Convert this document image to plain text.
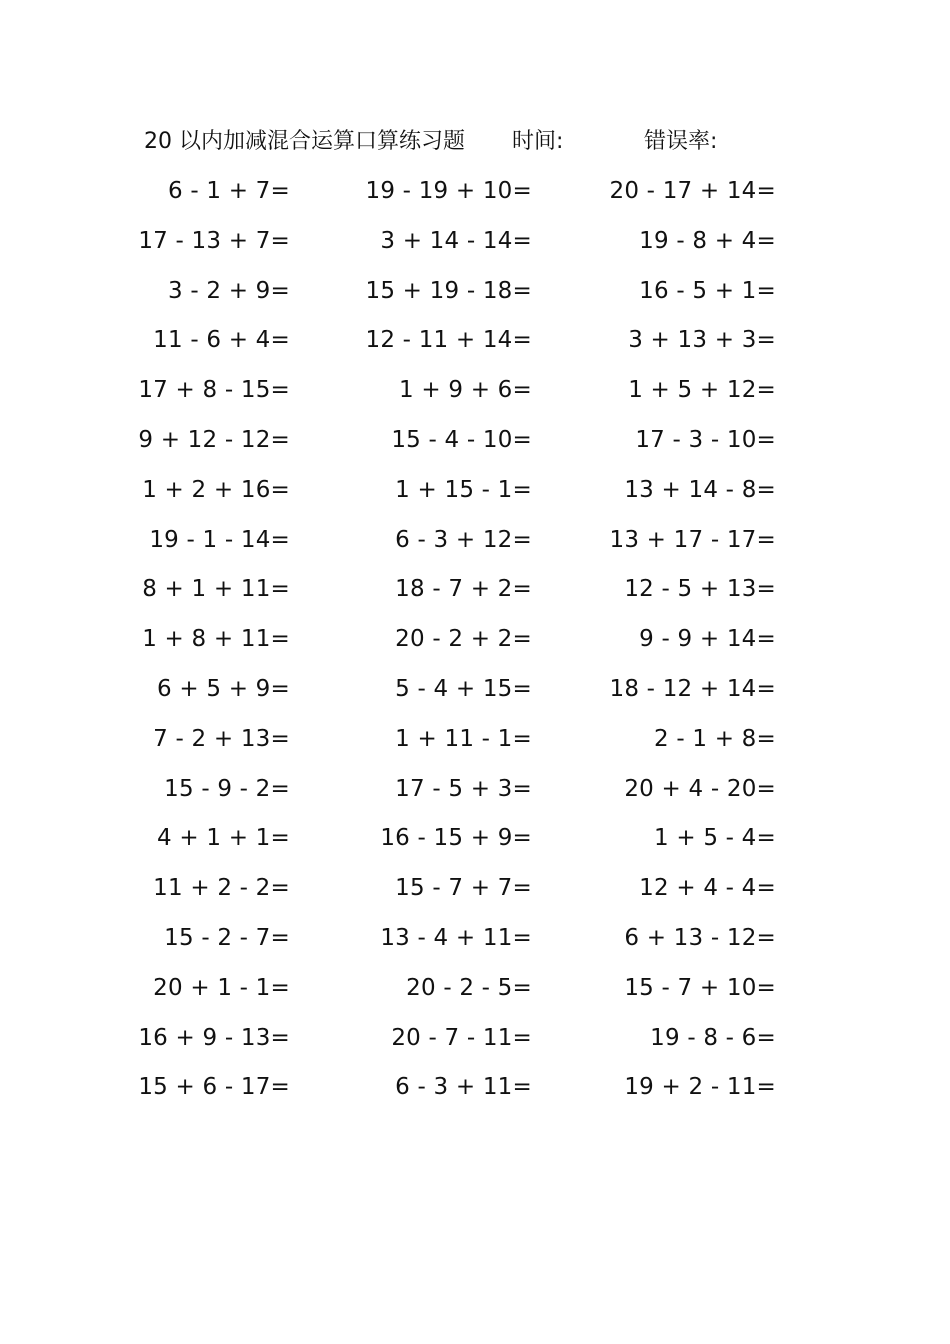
20 以内加减混合运算口算练习题 时间:	错误率:
6 - 1 + 7=	19 - 19 + 10=	20 - 17 + 14=
17 - 13 + 7=	3 + 14 - 14=	19 - 8 + 4=
3 - 2 + 9=	15 + 19 - 18=	16 - 5 + 1=
11 - 6 + 4=	12 - 11 + 14=	3 + 13 + 3=
17 + 8 - 15=	1 + 9 + 6=	1 + 5 + 12=
9 + 12 - 12=	15 - 4 - 10=	17 - 3 - 10=
1 + 2 + 16=	1 + 15 - 1=	13 + 14 - 8=
19 - 1 - 14=	6 - 3 + 12=	13 + 17 - 17=
8 + 1 + 11=	18 - 7 + 2=	12 - 5 + 13=
1 + 8 + 11=	20 - 2 + 2=	9 - 9 + 14=
6 + 5 + 9=	5 - 4 + 15=	18 - 12 + 14=
7 - 2 + 13=	1 + 11 - 1=	2 - 1 + 8=
15 - 9 - 2=	17 - 5 + 3=	20 + 4 - 20=
4 + 1 + 1=	16 - 15 + 9=	1 + 5 - 4=
11 + 2 - 2=	15 - 7 + 7=	12 + 4 - 4=
15 - 2 - 7=	13 - 4 + 11=	6 + 13 - 12=
20 + 1 - 1=	20 - 2 - 5=	15 - 7 + 10=
16 + 9 - 13=	20 - 7 - 11=	19 - 8 - 6=
15 + 6 - 17=	6 - 3 + 11=	19 + 2 - 11=
